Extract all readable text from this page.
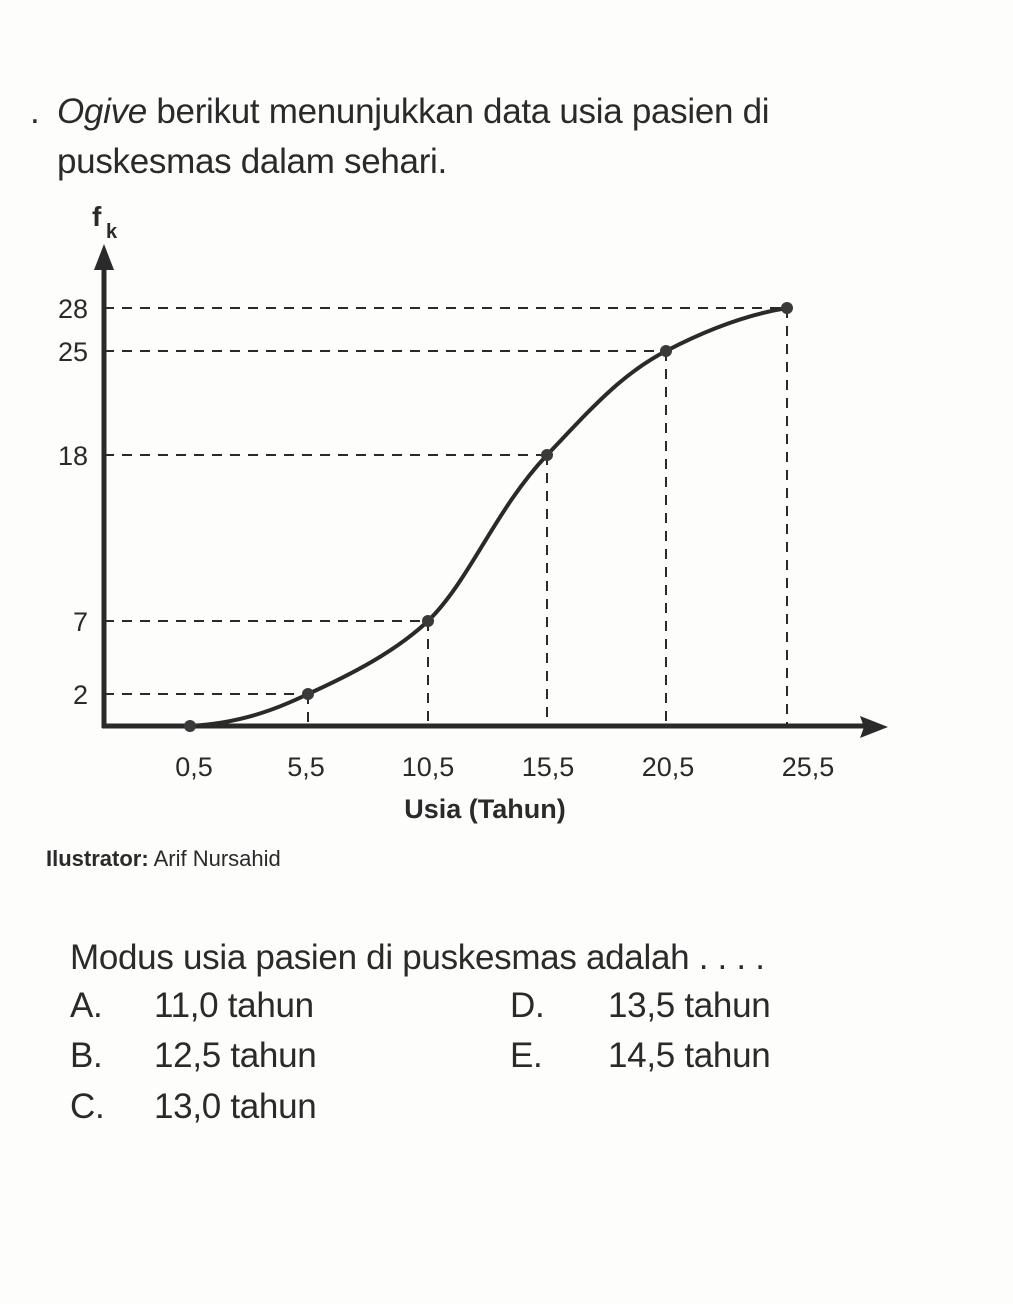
. Ogive berikut menunjukkan data usia pasien di
puskesmas dalam sehari.
f k
28
25
18
7
2
0,5	5,5	10,5 15,5 20,5	25,5
Usia (Tahun)
Ilustrator: Arif Nursahid
Modus usia pasien di puskesmas adalah . . . .
A. 11,0 tahun
B. 12,5 tahun
C. 13,0 tahun
D. 13,5 tahun
E. 14,5 tahun
